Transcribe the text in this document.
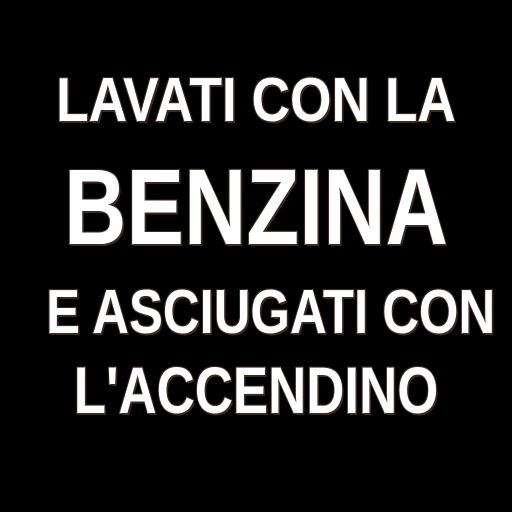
LAVATI CON LA
BENZINA
E ASCIUGATI CON
L'ACCENDINO
